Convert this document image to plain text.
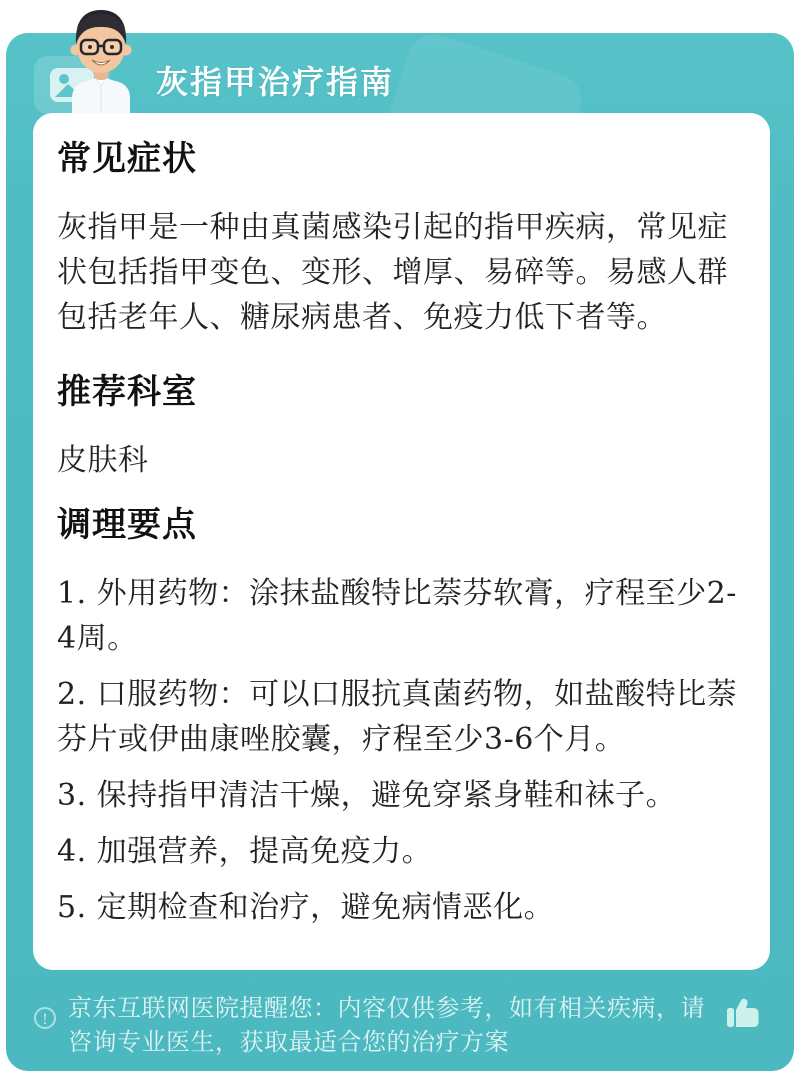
灰指甲治疗指南
常见症状

灰指甲是一种由真菌感染引起的指甲疾病，常见症状包括指甲变色、变形、增厚、易碎等。易感人群包括老年人、糖尿病患者、免疫力低下者等。

推荐科室

皮肤科

调理要点
1. 外用药物：涂抹盐酸特比萘芬软膏，疗程至少2-4周。
2. 口服药物：可以口服抗真菌药物，如盐酸特比萘芬片或伊曲康唑胶囊，疗程至少3-6个月。
3. 保持指甲清洁干燥，避免穿紧身鞋和袜子。
4. 加强营养，提高免疫力。
5. 定期检查和治疗，避免病情恶化。
! 京东互联网医院提醒您：内容仅供参考，如有相关疾病，请咨询专业医生，获取最适合您的治疗方案
